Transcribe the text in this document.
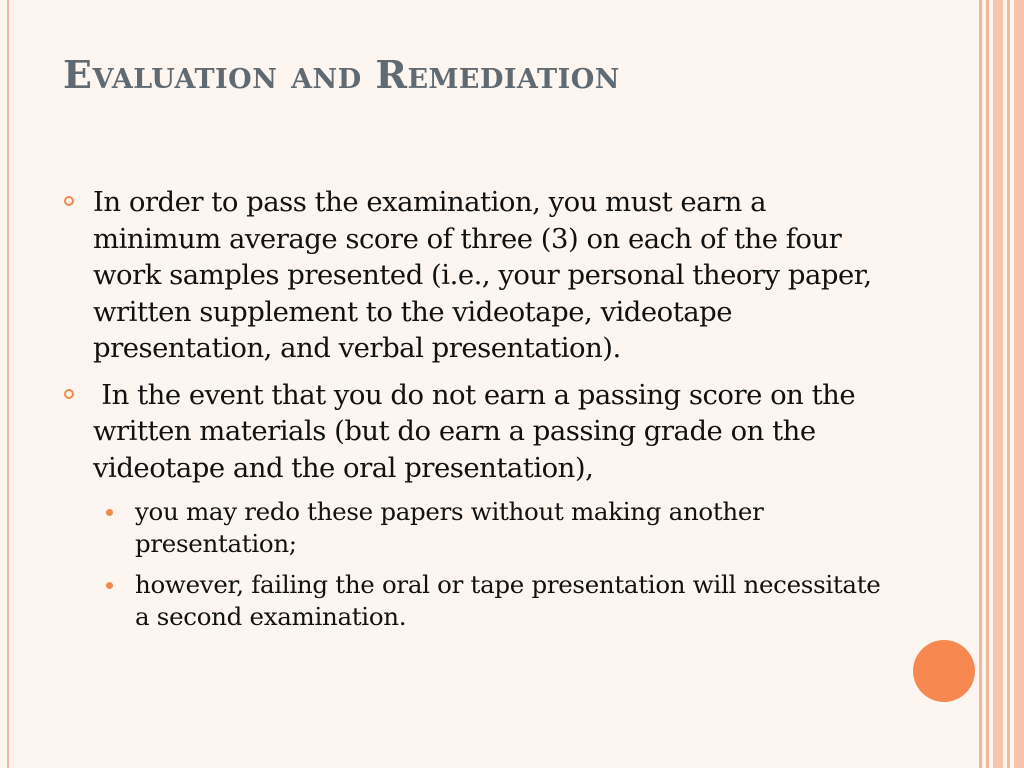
Evaluation and Remediation
In order to pass the examination, you must earn a minimum average score of three (3) on each of the four work samples presented (i.e., your personal theory paper, written supplement to the videotape, videotape presentation, and verbal presentation).
In the event that you do not earn a passing score on the written materials (but do earn a passing grade on the videotape and the oral presentation),
you may redo these papers without making another presentation;
however, failing the oral or tape presentation will necessitate a second examination.
